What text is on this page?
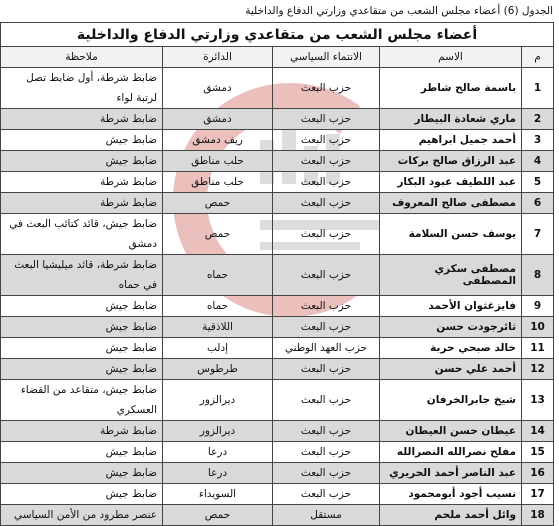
الجدول (6) أعضاء مجلس الشعب من متقاعدي وزارتي الدفاع والداخلية
أعضاء مجلس الشعب من متقاعدي وزارتي الدفاع والداخلية				
م	الاسم	الانتماء السياسي	الدائرة	ملاحظة
1	باسمة صالح شاطر	حزب البعث	دمشق	ضابط شرطة، أول ضابط تصل لرتبة لواء
2	ماري شعادة البيطار	حزب البعث	دمشق	ضابط شرطة
3	أحمد جميل ابراهيم	حزب البعث	ريف دمشق	ضابط جيش
4	عبد الرزاق صالح بركات	حزب البعث	حلب مناطق	ضابط جيش
5	عبد اللطيف عبود البكار	حزب البعث	حلب مناطق	ضابط شرطة
6	مصطفى صالح المعروف	حزب البعث	حمص	ضابط شرطة
7	يوسف حسن السلامة	حزب البعث	حمص	ضابط جيش، قائد كتائب البعث في دمشق
8	مصطفى سكري المصطفى	حزب البعث	حماه	ضابط شرطة، قائد ميليشيا البعث في حماه
9	فايزغثوان الأحمد	حزب البعث	حماه	ضابط جيش
10	ثائرجودت حسن	حزب البعث	اللاذقية	ضابط جيش
11	خالد صبحي حربة	حزب العهد الوطني	إدلب	ضابط جيش
12	أحمد علي حسن	حزب البعث	طرطوس	ضابط جيش
13	شيخ جابرالخرفان	حزب البعث	ديرالزور	ضابط جيش، متقاعد من القضاء العسكري
14	عيطان حسن العيطان	حزب البعث	ديرالزور	ضابط شرطة
15	مفلح نصرالله النصرالله	حزب البعث	درعا	ضابط جيش
16	عبد الناصر أحمد الحريري	حزب البعث	درعا	ضابط جيش
17	نسيب أجود أبومحمود	حزب البعث	السويداء	ضابط جيش
18	وائل أحمد ملحم	مستقل	حمص	عنصر مطرود من الأمن السياسي
